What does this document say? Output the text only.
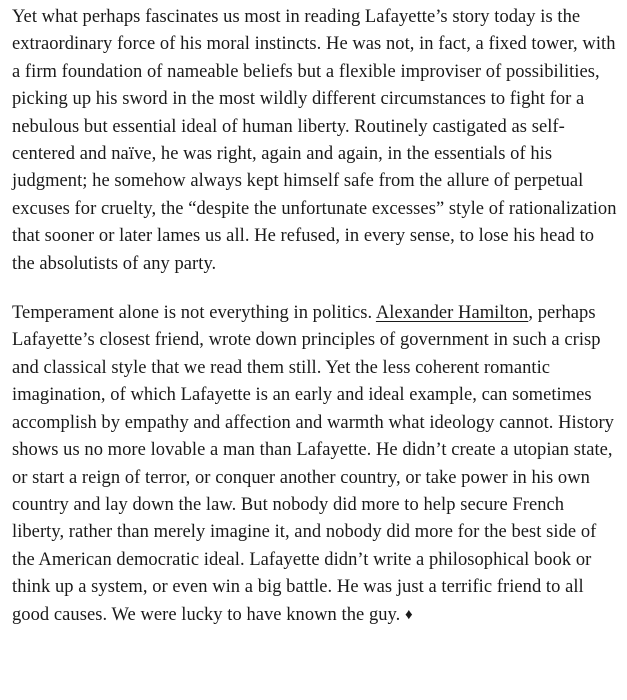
Yet what perhaps fascinates us most in reading Lafayette’s story today is the extraordinary force of his moral instincts. He was not, in fact, a fixed tower, with a firm foundation of nameable beliefs but a flexible improviser of possibilities, picking up his sword in the most wildly different circumstances to fight for a nebulous but essential ideal of human liberty. Routinely castigated as self-centered and naïve, he was right, again and again, in the essentials of his judgment; he somehow always kept himself safe from the allure of perpetual excuses for cruelty, the “despite the unfortunate excesses” style of rationalization that sooner or later lames us all. He refused, in every sense, to lose his head to the absolutists of any party.

Temperament alone is not everything in politics. Alexander Hamilton, perhaps Lafayette’s closest friend, wrote down principles of government in such a crisp and classical style that we read them still. Yet the less coherent romantic imagination, of which Lafayette is an early and ideal example, can sometimes accomplish by empathy and affection and warmth what ideology cannot. History shows us no more lovable a man than Lafayette. He didn’t create a utopian state, or start a reign of terror, or conquer another country, or take power in his own country and lay down the law. But nobody did more to help secure French liberty, rather than merely imagine it, and nobody did more for the best side of the American democratic ideal. Lafayette didn’t write a philosophical book or think up a system, or even win a big battle. He was just a terrific friend to all good causes. We were lucky to have known the guy. ♦
